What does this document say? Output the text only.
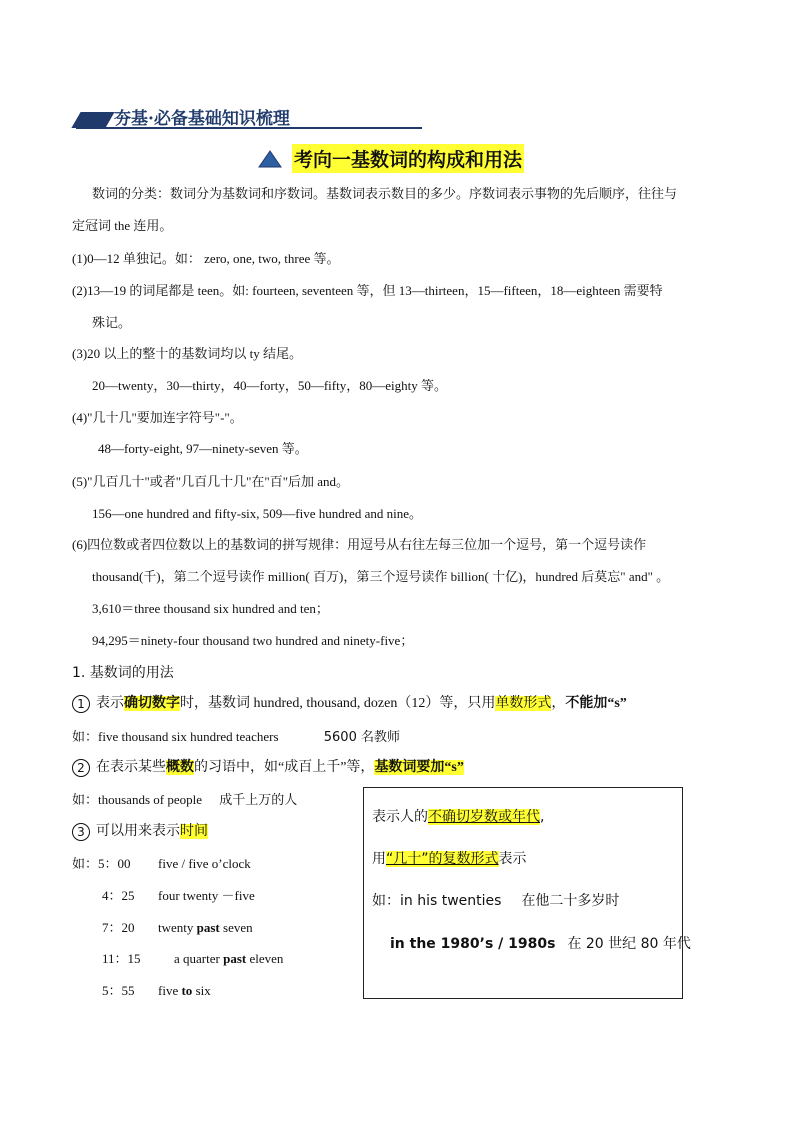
夯基·必备基础知识梳理
考向一基数词的构成和用法
数词的分类：数词分为基数词和序数词。基数词表示数目的多少。序数词表示事物的先后顺序，往往与
定冠词 the 连用。
(1)0—12 单独记。如： zero, one, two, three 等。
(2)13—19 的词尾都是 teen。如: fourteen, seventeen 等，但 13—thirteen，15—fifteen，18—eighteen 需要特
殊记。
(3)20 以上的整十的基数词均以 ty 结尾。
20—twenty，30—thirty，40—forty，50—fifty，80—eighty 等。
(4)"几十几"要加连字符号"-"。
48—forty-eight, 97—ninety-seven 等。
(5)"几百几十"或者"几百几十几"在"百"后加 and。
156—one hundred and fifty-six, 509—five hundred and nine。
(6)四位数或者四位数以上的基数词的拼写规律：用逗号从右往左每三位加一个逗号，第一个逗号读作
thousand(千)，第二个逗号读作 million( 百万)，第三个逗号读作 billion( 十亿)，hundred 后莫忘" and" 。
3,610＝three thousand six hundred and ten；
94,295＝ninety-four thousand two hundred and ninety-five；
1. 基数词的用法
1 表示确切数字时，基数词 hundred, thousand, dozen（12）等，只用单数形式，不能加“s”
如：five thousand six hundred teachers	5600 名教师
2 在表示某些概数的习语中，如“成百上千”等，基数词要加“s”
如：thousands of people 成千上万的人
3 可以用来表示时间
如：5：00 five / five o’clock
4：25 four twenty －five
7：20 twenty past seven
11：15	a quarter past eleven
5：55 five to six
表示人的不确切岁数或年代,
用“几十”的复数形式表示
如：in his twenties 在他二十多岁时
in the 1980’s / 1980s 在 20 世纪 80 年代
